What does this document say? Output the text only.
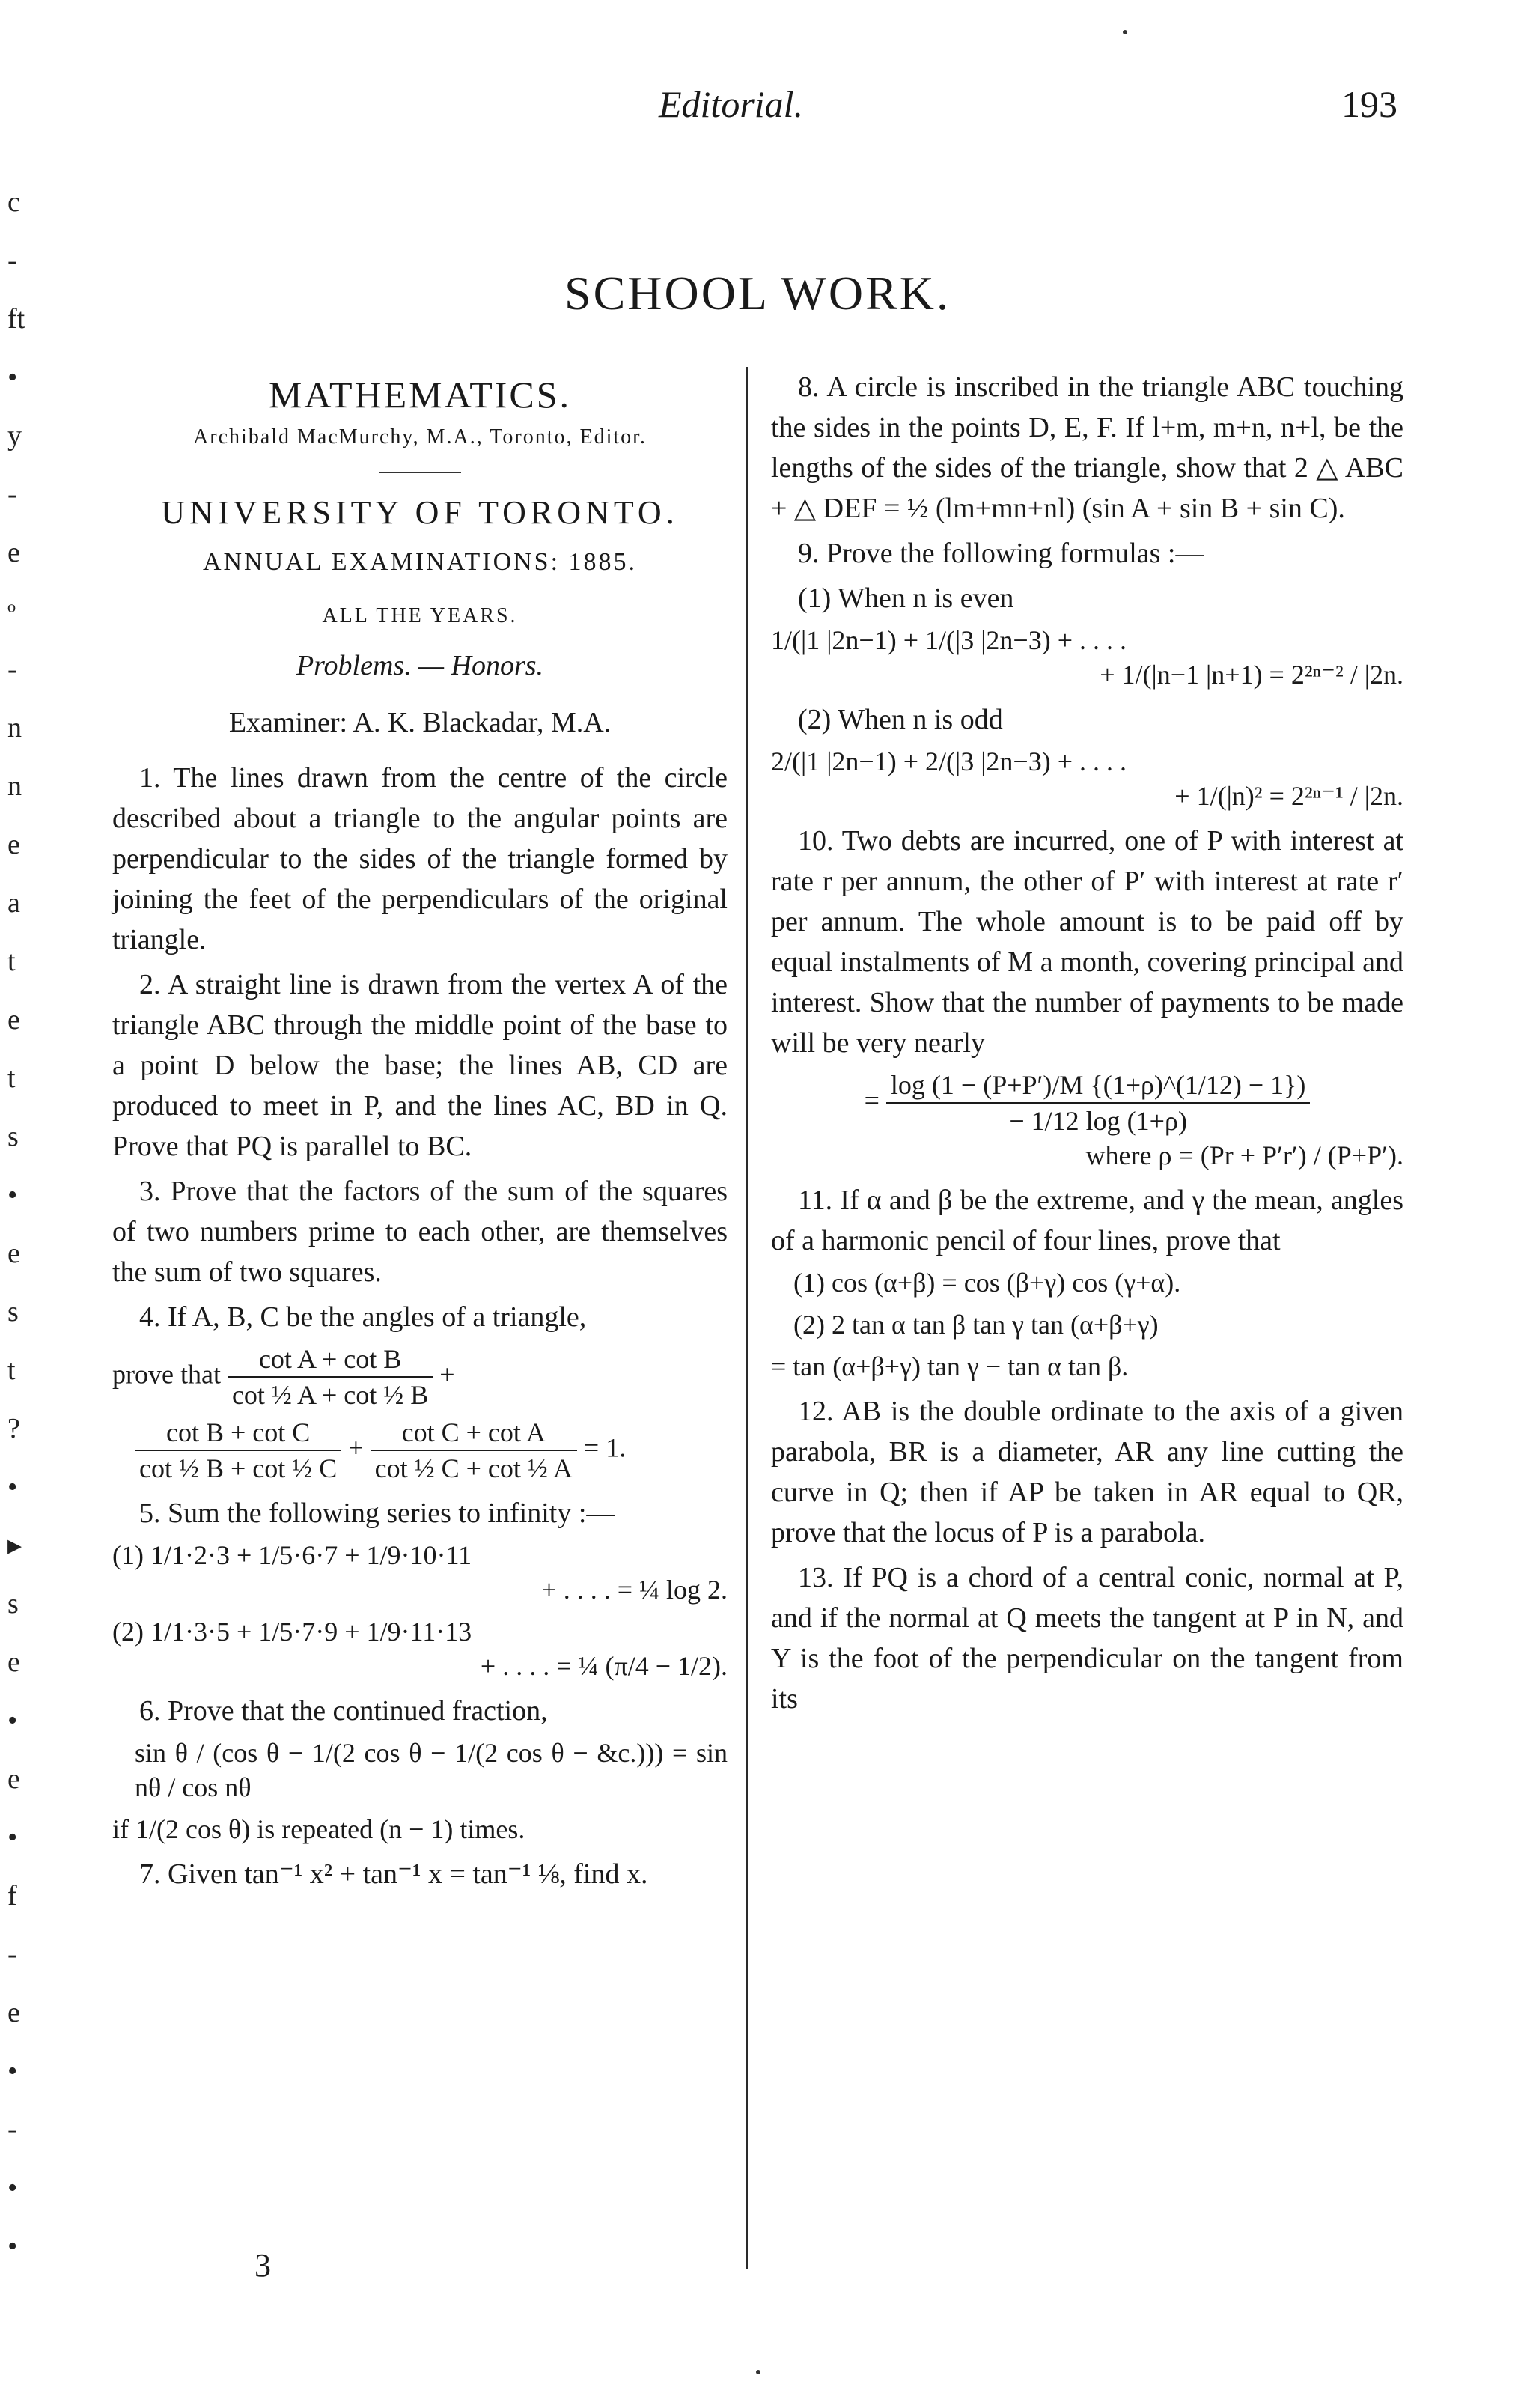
Editorial.	193
c
-
ft
•
y
-
e
ᵒ
-
n
n
e
a
t
e
t
s
•
e
s
t
?
•
▸
s
e
•
e
•
f
-
e
•
-
•
•
SCHOOL WORK.
MATHEMATICS.
Archibald MacMurchy, M.A., Toronto, Editor.
UNIVERSITY OF TORONTO.
ANNUAL EXAMINATIONS: 1885.
ALL THE YEARS.
Problems. — Honors.
Examiner: A. K. Blackadar, M.A.

1. The lines drawn from the centre of the circle described about a triangle to the angular points are perpendicular to the sides of the triangle formed by joining the feet of the perpendiculars of the original triangle.

2. A straight line is drawn from the vertex A of the triangle ABC through the middle point of the base to a point D below the base; the lines AB, CD are produced to meet in P, and the lines AC, BD in Q. Prove that PQ is parallel to BC.

3. Prove that the factors of the sum of the squares of two numbers prime to each other, are themselves the sum of two squares.

4. If A, B, C be the angles of a triangle,

prove that $\frac{\text{cot A + cot B}}{\text{cot ½ A + cot ½ B}}$ +
$\frac{\text{cot B + cot C}}{\text{cot ½ B + cot ½ C}} + \frac{\text{cot C + cot A}}{\text{cot ½ C + cot ½ A}} = 1$.

5. Sum the following series to infinity :—

(1) 1/1·2·3 + 1/5·6·7 + 1/9·10·11
+ . . . . = ¼ log 2.
(2) 1/1·3·5 + 1/5·7·9 + 1/9·11·13
+ . . . . = ¼ (π/4 − 1/2).

6. Prove that the continued fraction,

sin θ / (cos θ − 1/(2 cos θ − 1/(2 cos θ − &c.))) = sin nθ / cos nθ
if 1/(2 cos θ) is repeated (n − 1) times.

7. Given tan⁻¹ x² + tan⁻¹ x = tan⁻¹ ⅛, find x.

8. A circle is inscribed in the triangle ABC touching the sides in the points D, E, F. If l+m, m+n, n+l, be the lengths of the sides of the triangle, show that 2 △ ABC + △ DEF = ½ (lm+mn+nl) (sin A + sin B + sin C).

9. Prove the following formulas :—

(1) When n is even

1/(|1 |2n−1) + 1/(|3 |2n−3) + . . . .
+ 1/(|n−1 |n+1) = 2²ⁿ⁻² / |2n.

(2) When n is odd

2/(|1 |2n−1) + 2/(|3 |2n−3) + . . . .
+ 1/(|n)² = 2²ⁿ⁻¹ / |2n.

10. Two debts are incurred, one of P with interest at rate r per annum, the other of P′ with interest at rate r′ per annum. The whole amount is to be paid off by equal instalments of M a month, covering principal and interest. Show that the number of payments to be made will be very nearly

= $\frac{\log (1 - (P+P')/M \{(1+\rho)\^{}(1/12) - 1\})}{- 1/12 \log (1+\rho)}$
where ρ = (Pr + P′r′) / (P+P′).

11. If α and β be the extreme, and γ the mean, angles of a harmonic pencil of four lines, prove that

(1) cos (α+β) = cos (β+γ) cos (γ+α).
(2) 2 tan α tan β tan γ tan (α+β+γ)
= tan (α+β+γ) tan γ − tan α tan β.

12. AB is the double ordinate to the axis of a given parabola, BR is a diameter, AR any line cutting the curve in Q; then if AP be taken in AR equal to QR, prove that the locus of P is a parabola.

13. If PQ is a chord of a central conic, normal at P, and if the normal at Q meets the tangent at P in N, and Y is the foot of the perpendicular on the tangent from its

3
